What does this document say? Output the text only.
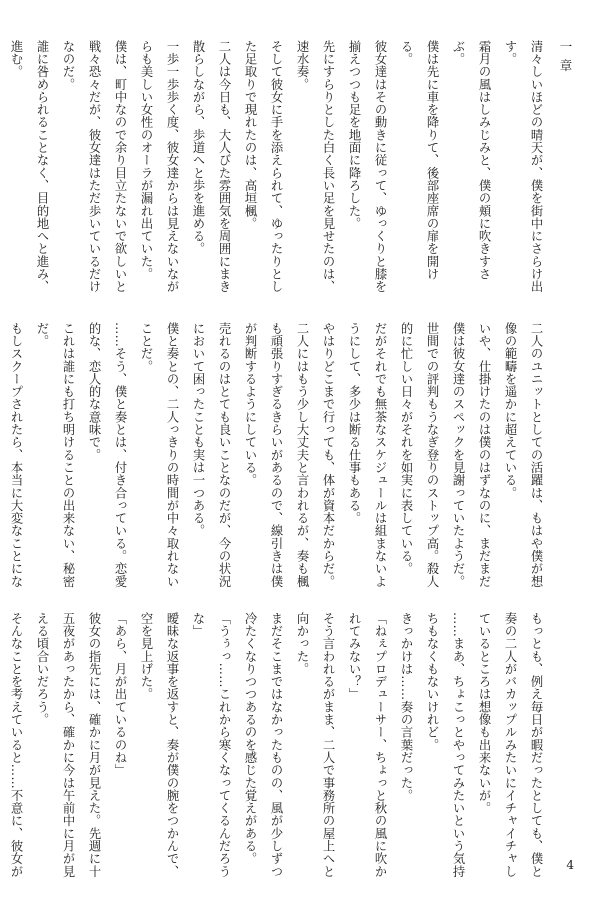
一章

清々しいほどの晴天が、僕を街中にさらけ出す。

霜月の風はしみじみと、僕の頬に吹きすさぶ。

僕は先に車を降りて、後部座席の扉を開ける。

彼女達はその動きに従って、ゆっくりと膝を揃えつつも足を地面に降ろした。

先にすらりとした白く長い足を見せたのは、速水奏。

そして彼女に手を添えられて、ゆったりとした足取りで現れたのは、高垣楓。

二人は今日も、大人びた雰囲気を周囲にまき散らしながら、歩道へと歩を進める。

一歩一歩歩く度、彼女達からは見えないながらも美しい女性のオーラが漏れ出ていた。

僕は、町中なので余り目立たないで欲しいと戦々恐々だが、彼女達はただ歩いているだけなのだ。

誰に咎められることなく、目的地へと進み、進む。

二人のユニットとしての活躍は、もはや僕が想像の範疇を遥かに超えている。

いや、仕掛けたのは僕のはずなのに、まだまだ僕は彼女達のスペックを見謝っていたようだ。

世間での評判もうなぎ登りのストップ高。殺人的に忙しい日々がそれを如実に表している。

だがそれでも無茶なスケジュールは組まないようにして、多少は断る仕事もある。

やはりどこまで行っても、体が資本だからだ。

二人にはもう少し大丈夫と言われるが、奏も楓も頑張りすぎるきらいがあるので、線引きは僕が判断するようにしている。

売れるのはとても良いことなのだが、今の状況において困ったことも実は一つある。

僕と奏との、二人っきりの時間が中々取れないことだ。

……そう、僕と奏とは、付き合っている。恋愛的な、恋人的な意味で。

これは誰にも打ち明けることの出来ない、秘密だ。

もしスクープされたら、本当に大変なことにな

もっとも、例え毎日が暇だったとしても、僕と奏の二人がバカップルみたいにイチャイチャしているところは想像も出来ないが。

……まあ、ちょこっとやってみたいという気持ちもなくもないけれど。

きっかけは……奏の言葉だった。

「ねぇプロデューサー、ちょっと秋の風に吹かれてみない？」

そう言われるがまま、二人で事務所の屋上へと向かった。

まだそこまではなかったものの、風が少しずつ冷たくなりつつあるのを感じた覚えがある。

「うぅっ……これから寒くなってくるんだろうな」

曖昧な返事を返すと、奏が僕の腕をつかんで、空を見上げた。

「あら、月が出ているのね」

彼女の指先には、確かに月が見えた。先週に十五夜があったから、確かに今は午前中に月が見える頃合いだろう。

そんなことを考えていると……不意に、彼女が	4
